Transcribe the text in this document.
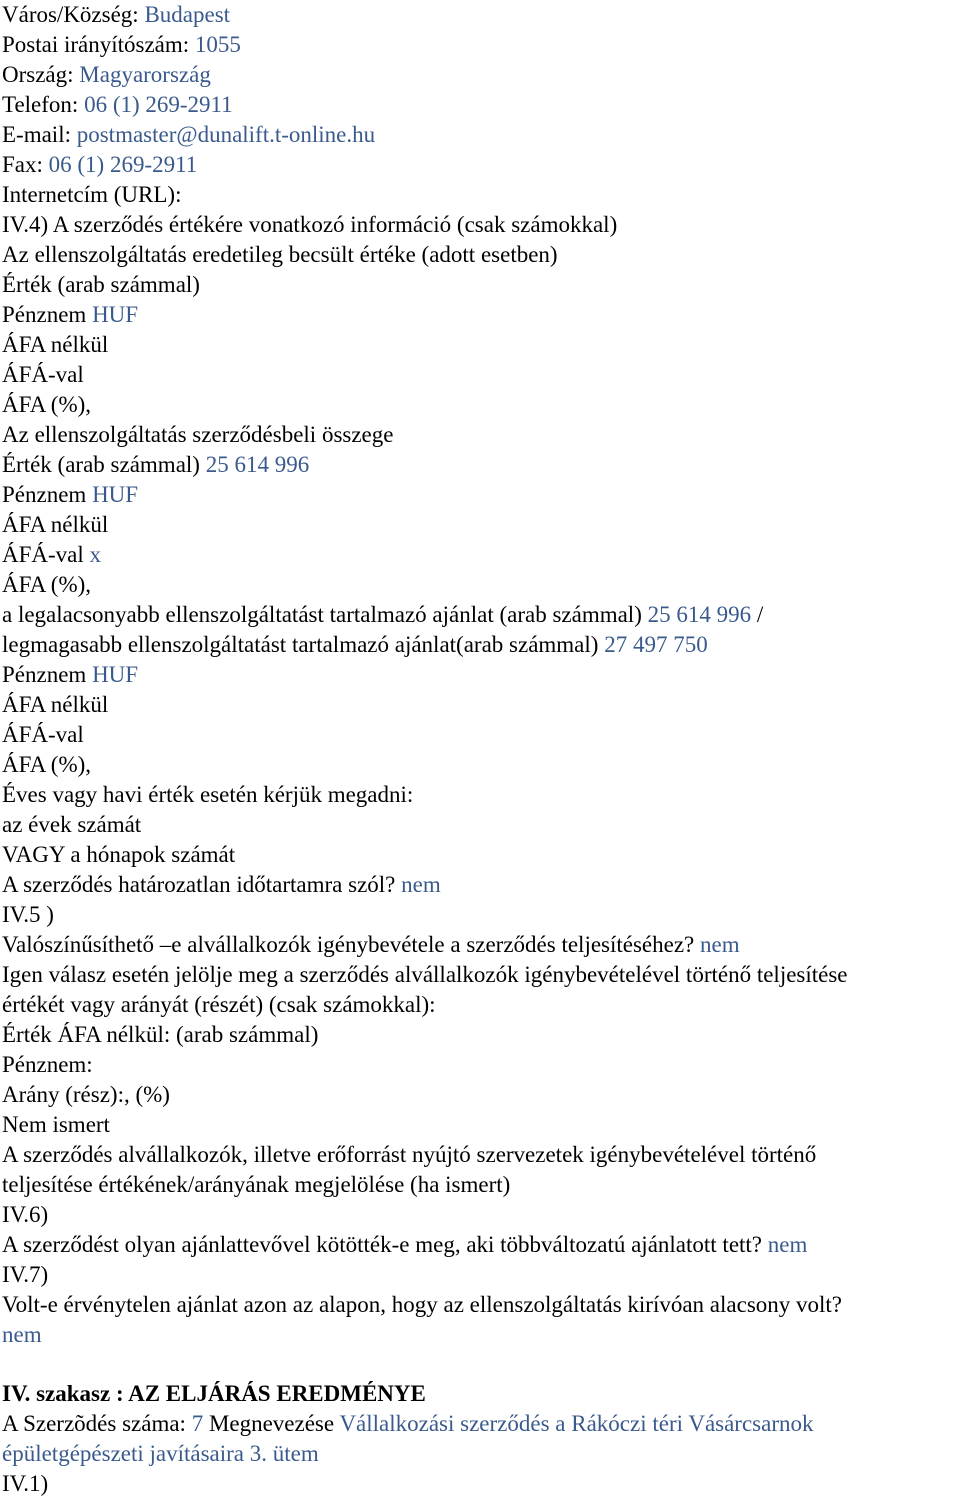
Város/Község: Budapest
Postai irányítószám: 1055
Ország: Magyarország
Telefon: 06 (1) 269-2911
E-mail: postmaster@dunalift.t-online.hu
Fax: 06 (1) 269-2911
Internetcím (URL):
IV.4) A szerződés értékére vonatkozó információ (csak számokkal)
Az ellenszolgáltatás eredetileg becsült értéke (adott esetben)
Érték (arab számmal)
Pénznem HUF
ÁFA nélkül
ÁFÁ-val
ÁFA (%),
Az ellenszolgáltatás szerződésbeli összege
Érték (arab számmal) 25 614 996
Pénznem HUF
ÁFA nélkül
ÁFÁ-val x
ÁFA (%),
a legalacsonyabb ellenszolgáltatást tartalmazó ajánlat (arab számmal) 25 614 996 /
legmagasabb ellenszolgáltatást tartalmazó ajánlat(arab számmal) 27 497 750
Pénznem HUF
ÁFA nélkül
ÁFÁ-val
ÁFA (%),
Éves vagy havi érték esetén kérjük megadni:
az évek számát
VAGY a hónapok számát
A szerződés határozatlan időtartamra szól? nem
IV.5 )
Valószínűsíthető –e alvállalkozók igénybevétele a szerződés teljesítéséhez? nem
Igen válasz esetén jelölje meg a szerződés alvállalkozók igénybevételével történő teljesítése
értékét vagy arányát (részét) (csak számokkal):
Érték ÁFA nélkül: (arab számmal)
Pénznem:
Arány (rész):, (%)
Nem ismert
A szerződés alvállalkozók, illetve erőforrást nyújtó szervezetek igénybevételével történő
teljesítése értékének/arányának megjelölése (ha ismert)
IV.6)
A szerződést olyan ajánlattevővel kötötték-e meg, aki többváltozatú ajánlatott tett? nem
IV.7)
Volt-e érvénytelen ajánlat azon az alapon, hogy az ellenszolgáltatás kirívóan alacsony volt?
nem
IV. szakasz : AZ ELJÁRÁS EREDMÉNYE
A Szerzõdés száma: 7 Megnevezése Vállalkozási szerződés a Rákóczi téri Vásárcsarnok
épületgépészeti javításaira 3. ütem
IV.1)
